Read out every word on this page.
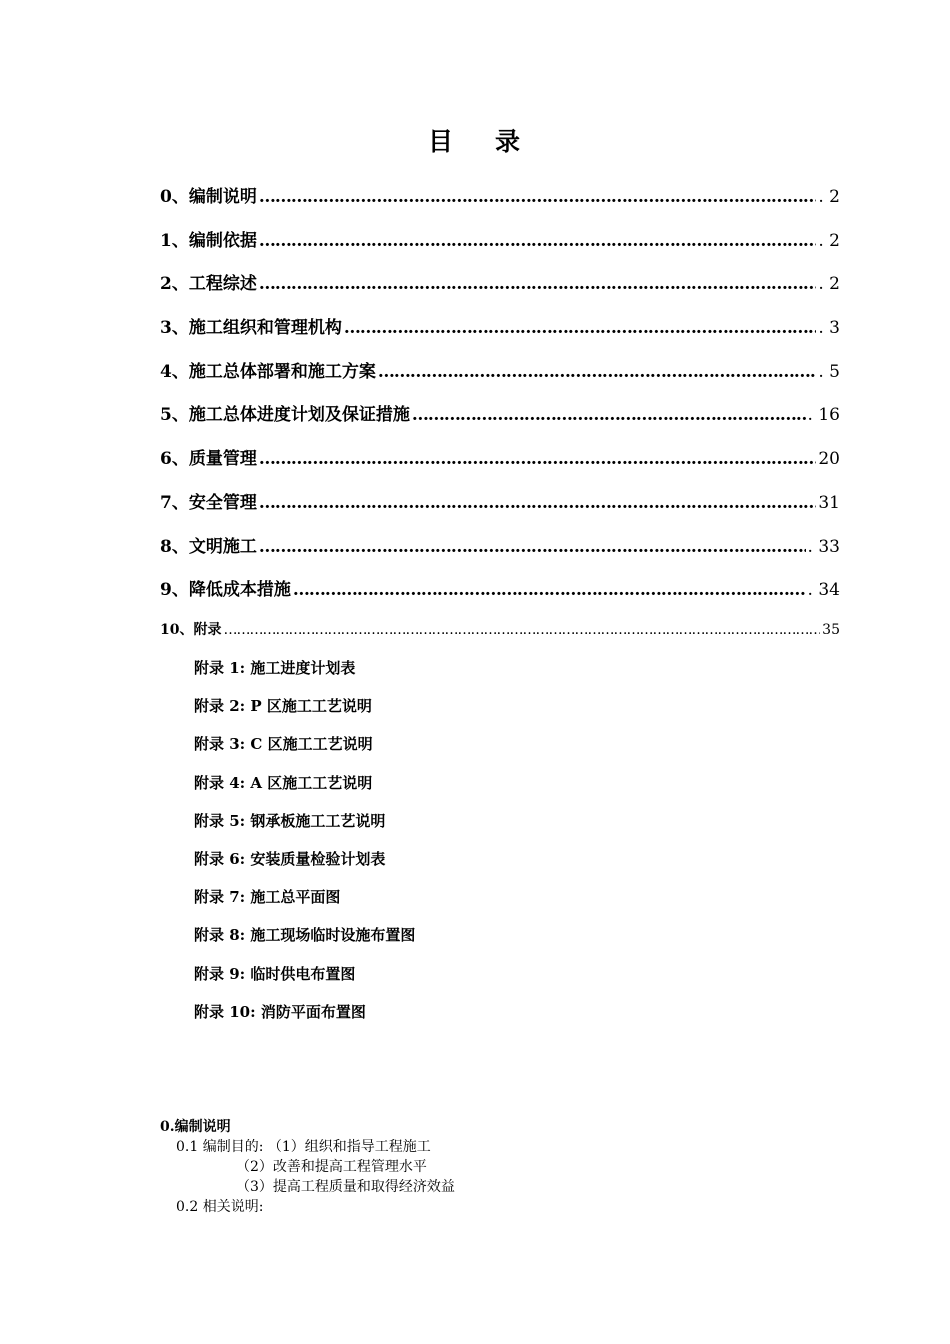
目 录
0、编制说明 ……………………………………………………………………………………………………………………………………………………………………………………	. 2
1、编制依据 ……………………………………………………………………………………………………………………………………………………………………………………	. 2
2、工程综述 ……………………………………………………………………………………………………………………………………………………………………………………	. 2
3、施工组织和管理机构 ……………………………………………………………………………………………………………………………………………………………………………………	. 3
4、施工总体部署和施工方案 ……………………………………………………………………………………………………………………………………………………………………………………	. 5
5、施工总体进度计划及保证措施 ……………………………………………………………………………………………………………………………………………………………………………………	. 16
6、质量管理 ……………………………………………………………………………………………………………………………………………………………………………………	20
7、安全管理 ……………………………………………………………………………………………………………………………………………………………………………………	31
8、文明施工 ……………………………………………………………………………………………………………………………………………………………………………………	. 33
9、降低成本措施 ……………………………………………………………………………………………………………………………………………………………………………………	. 34
10、附录 ……………………………………………………………………………………………………………………………………………………………………………………	35
附录 1: 施工进度计划表
附录 2: P 区施工工艺说明
附录 3: C 区施工工艺说明
附录 4: A 区施工工艺说明
附录 5: 钢承板施工工艺说明
附录 6: 安装质量检验计划表
附录 7: 施工总平面图
附录 8: 施工现场临时设施布置图
附录 9: 临时供电布置图
附录 10: 消防平面布置图
0.编制说明
0.1 编制目的: （1）组织和指导工程施工
（2）改善和提高工程管理水平
（3）提高工程质量和取得经济效益
0.2 相关说明:
